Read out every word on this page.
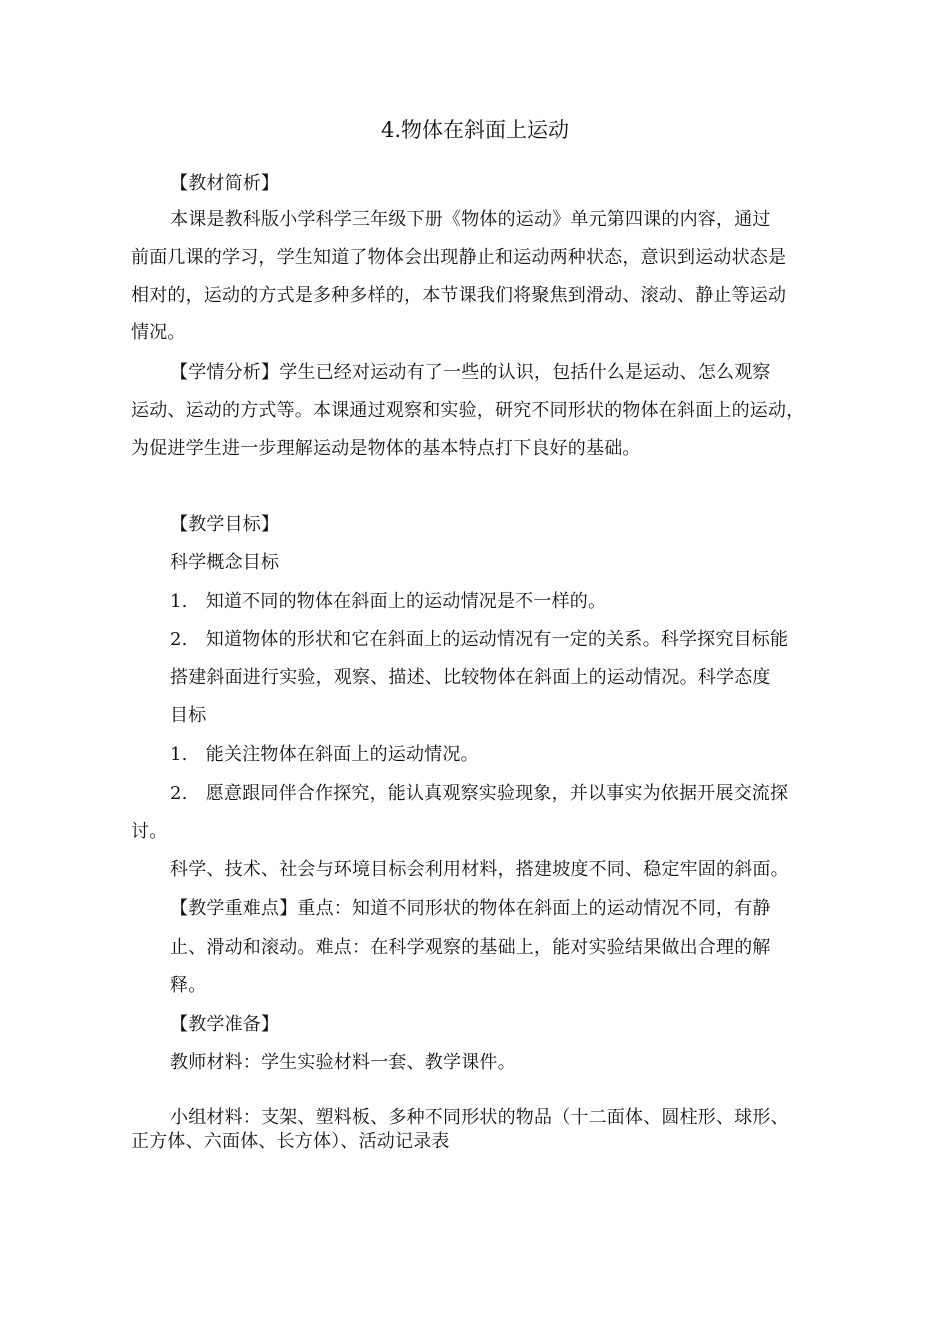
4.物体在斜面上运动
【教材简析】
本课是教科版小学科学三年级下册《物体的运动》单元第四课的内容，通过
前面几课的学习，学生知道了物体会出现静止和运动两种状态，意识到运动状态是
相对的，运动的方式是多种多样的，本节课我们将聚焦到滑动、滚动、静止等运动
情况。
【学情分析】学生已经对运动有了一些的认识，包括什么是运动、怎么观察
运动、运动的方式等。本课通过观察和实验，研究不同形状的物体在斜面上的运动，
为促进学生进一步理解运动是物体的基本特点打下良好的基础。
【教学目标】
科学概念目标
1.　知道不同的物体在斜面上的运动情况是不一样的。
2.　知道物体的形状和它在斜面上的运动情况有一定的关系。科学探究目标能
搭建斜面进行实验，观察、描述、比较物体在斜面上的运动情况。科学态度
目标
1.　能关注物体在斜面上的运动情况。
2.　愿意跟同伴合作探究，能认真观察实验现象，并以事实为依据开展交流探
讨。
科学、技术、社会与环境目标会利用材料，搭建坡度不同、稳定牢固的斜面。
【教学重难点】重点：知道不同形状的物体在斜面上的运动情况不同，有静
止、滑动和滚动。难点：在科学观察的基础上，能对实验结果做出合理的解
释。
【教学准备】
教师材料：学生实验材料一套、教学课件。
小组材料：支架、塑料板、多种不同形状的物品（十二面体、圆柱形、球形、
正方体、六面体、长方体）、活动记录表
